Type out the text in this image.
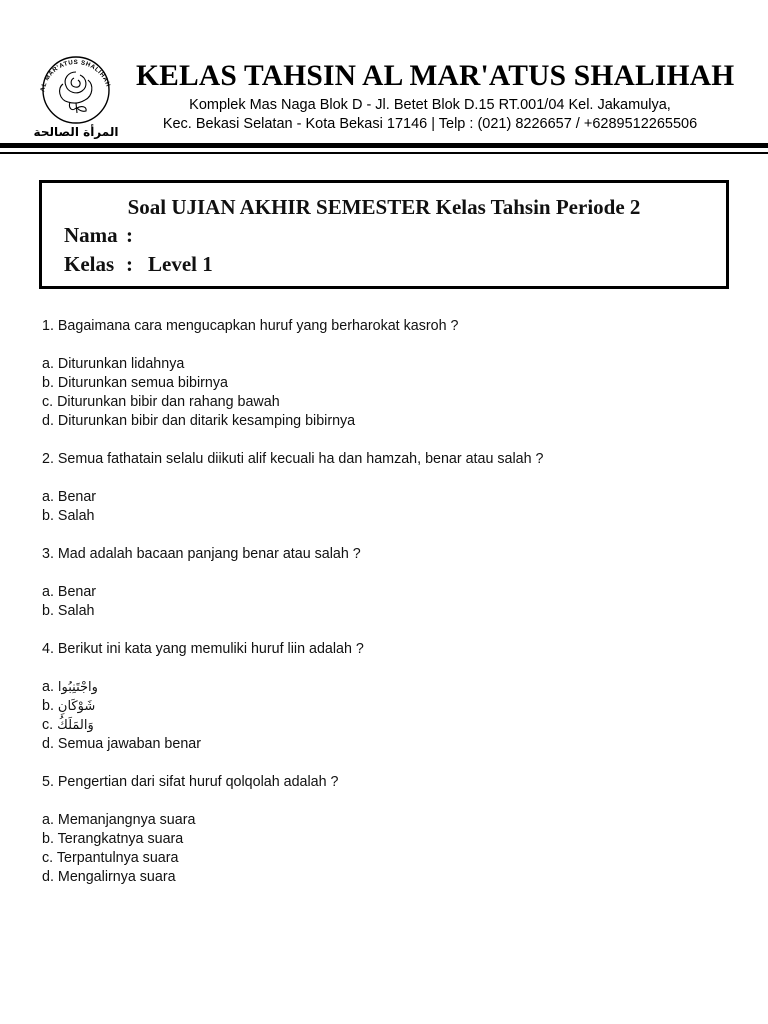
AL MAR'ATUS SHALIHAH
المرأة الصالحة
KELAS TAHSIN AL MAR'ATUS SHALIHAH
Komplek Mas Naga Blok D - Jl. Betet Blok D.15 RT.001/04 Kel. Jakamulya,
Kec. Bekasi Selatan - Kota Bekasi 17146 | Telp : (021) 8226657 / +6289512265506
Soal UJIAN AKHIR SEMESTER Kelas Tahsin Periode 2
Nama :
Kelas : Level 1
1. Bagaimana cara mengucapkan huruf yang berharokat kasroh ?
a. Diturunkan lidahnya
b. Diturunkan semua bibirnya
c. Diturunkan bibir dan rahang bawah
d. Diturunkan bibir dan ditarik kesamping bibirnya
2. Semua fathatain selalu diikuti alif kecuali ha dan hamzah, benar atau salah ?
a. Benar
b. Salah
3. Mad adalah bacaan panjang benar atau salah ?
a. Benar
b. Salah
4. Berikut ini kata yang memuliki huruf liin adalah ?
a. واجْتَنِبُوا
b. شَوْكَانِ
c. وَالمَلَكُ
d. Semua jawaban benar
5. Pengertian dari sifat huruf qolqolah adalah ?
a. Memanjangnya suara
b. Terangkatnya suara
c. Terpantulnya suara
d. Mengalirnya suara
